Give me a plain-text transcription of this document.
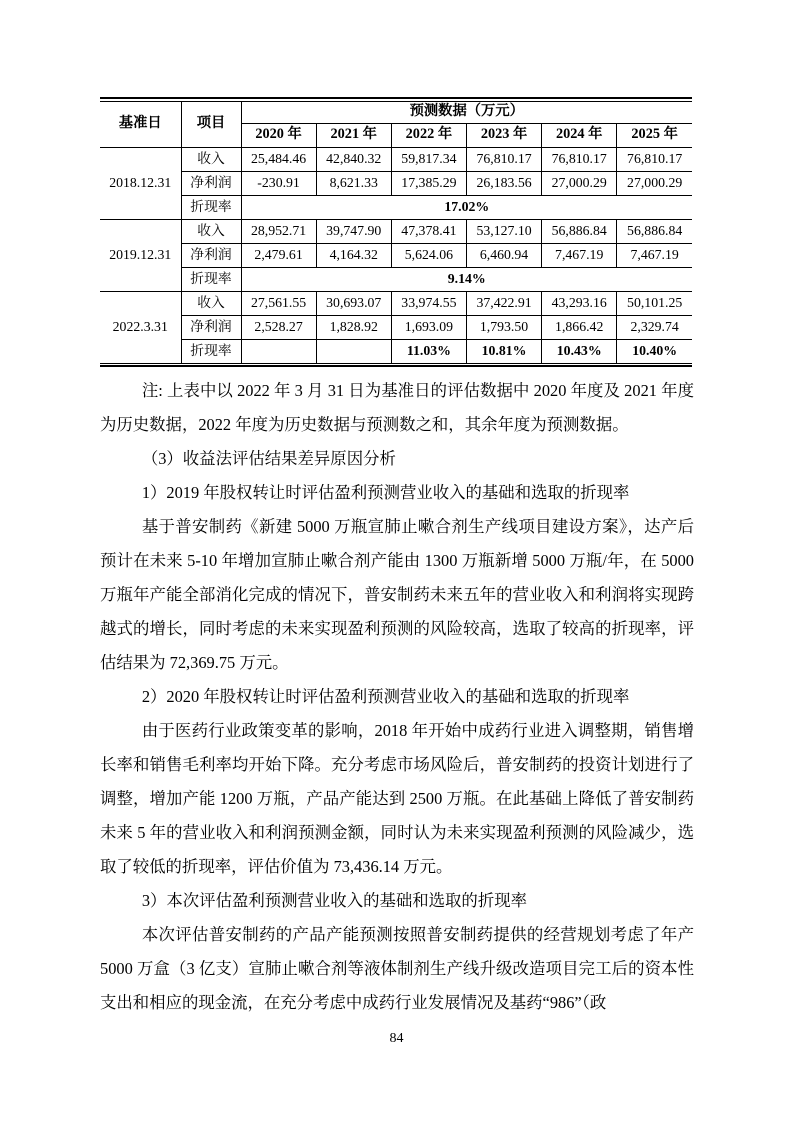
基准日	项目	预测数据（万元）					
		2020 年	2021 年	2022 年	2023 年	2024 年	2025 年
2018.12.31	收入	25,484.46	42,840.32	59,817.34	76,810.17	76,810.17	76,810.17
	净利润	-230.91	8,621.33	17,385.29	26,183.56	27,000.29	27,000.29
	折现率	17.02%					
2019.12.31	收入	28,952.71	39,747.90	47,378.41	53,127.10	56,886.84	56,886.84
	净利润	2,479.61	4,164.32	5,624.06	6,460.94	7,467.19	7,467.19
	折现率	9.14%					
2022.3.31	收入	27,561.55	30,693.07	33,974.55	37,422.91	43,293.16	50,101.25
	净利润	2,528.27	1,828.92	1,693.09	1,793.50	1,866.42	2,329.74
	折现率			11.03%	10.81%	10.43%	10.40%

注: 上表中以 2022 年 3 月 31 日为基准日的评估数据中 2020 年度及 2021 年度为历史数据，2022 年度为历史数据与预测数之和，其余年度为预测数据。

（3）收益法评估结果差异原因分析

1）2019 年股权转让时评估盈利预测营业收入的基础和选取的折现率

基于普安制药《新建 5000 万瓶宣肺止嗽合剂生产线项目建设方案》，达产后预计在未来 5-10 年增加宣肺止嗽合剂产能由 1300 万瓶新增 5000 万瓶/年，在 5000 万瓶年产能全部消化完成的情况下，普安制药未来五年的营业收入和利润将实现跨越式的增长，同时考虑的未来实现盈利预测的风险较高，选取了较高的折现率，评估结果为 72,369.75 万元。

2）2020 年股权转让时评估盈利预测营业收入的基础和选取的折现率

由于医药行业政策变革的影响，2018 年开始中成药行业进入调整期，销售增长率和销售毛利率均开始下降。充分考虑市场风险后，普安制药的投资计划进行了调整，增加产能 1200 万瓶，产品产能达到 2500 万瓶。在此基础上降低了普安制药未来 5 年的营业收入和利润预测金额，同时认为未来实现盈利预测的风险减少，选取了较低的折现率，评估价值为 73,436.14 万元。

3）本次评估盈利预测营业收入的基础和选取的折现率

本次评估普安制药的产品产能预测按照普安制药提供的经营规划考虑了年产 5000 万盒（3 亿支）宣肺止嗽合剂等液体制剂生产线升级改造项目完工后的资本性支出和相应的现金流，在充分考虑中成药行业发展情况及基药“986”（政

84
